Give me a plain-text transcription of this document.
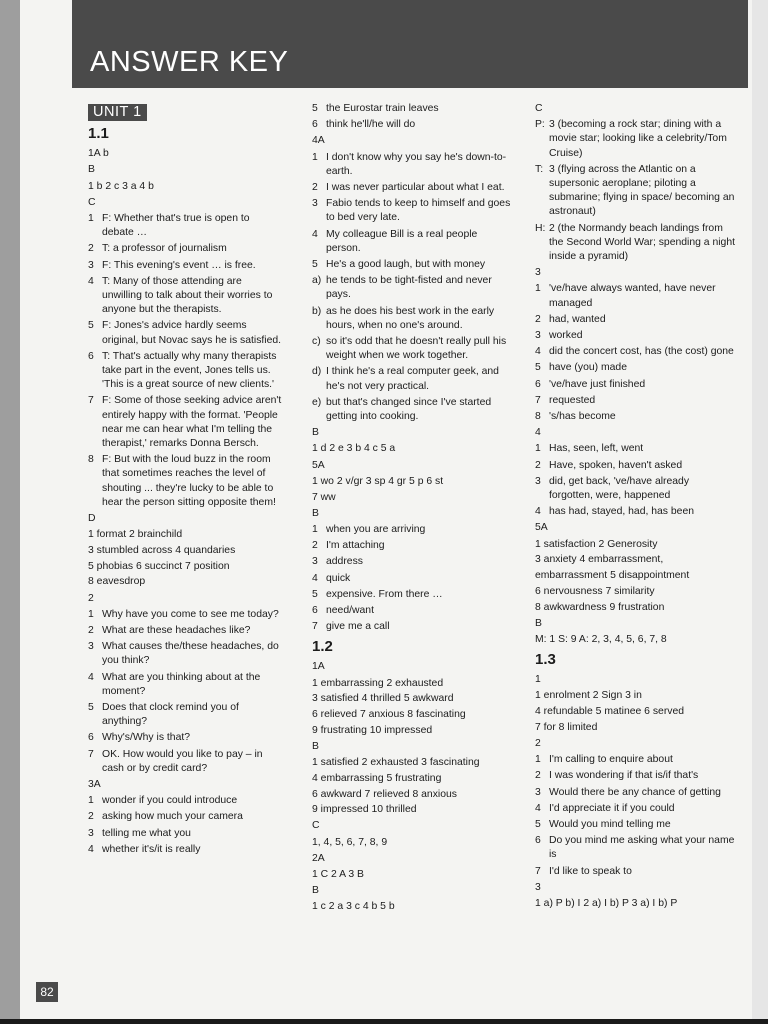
ANSWER KEY
UNIT 1
1.1
1A b
B
1 b 2 c 3 a 4 b
C
1 F: Whether that's true is open to debate …
2 T: a professor of journalism
3 F: This evening's event … is free.
4 T: Many of those attending are unwilling to talk about their worries to anyone but the therapists.
5 F: Jones's advice hardly seems original, but Novac says he is satisfied.
6 T: That's actually why many therapists take part in the event, Jones tells us. 'This is a great source of new clients.'
7 F: Some of those seeking advice aren't entirely happy with the format. 'People near me can hear what I'm telling the therapist,' remarks Donna Bersch.
8 F: But with the loud buzz in the room that sometimes reaches the level of shouting ... they're lucky to be able to hear the person sitting opposite them!
D
1 format 2 brainchild
3 stumbled across 4 quandaries
5 phobias 6 succinct 7 position
8 eavesdrop
2
1 Why have you come to see me today?
2 What are these headaches like?
3 What causes the/these headaches, do you think?
4 What are you thinking about at the moment?
5 Does that clock remind you of anything?
6 Why's/Why is that?
7 OK. How would you like to pay – in cash or by credit card?
3A
1 wonder if you could introduce
2 asking how much your camera
3 telling me what you
4 whether it's/it is really
5 the Eurostar train leaves
6 think he'll/he will do
4A
1 I don't know why you say he's down-to-earth.
2 I was never particular about what I eat.
3 Fabio tends to keep to himself and goes to bed very late.
4 My colleague Bill is a real people person.
5 He's a good laugh, but with money
a) he tends to be tight-fisted and never pays.
b) as he does his best work in the early hours, when no one's around.
c) so it's odd that he doesn't really pull his weight when we work together.
d) I think he's a real computer geek, and he's not very practical.
e) but that's changed since I've started getting into cooking.
B
1 d 2 e 3 b 4 c 5 a
5A
1 wo 2 v/gr 3 sp 4 gr 5 p 6 st
7 ww
B
1 when you are arriving
2 I'm attaching
3 address
4 quick
5 expensive. From there …
6 need/want
7 give me a call
1.2
1A
1 embarrassing 2 exhausted
3 satisfied 4 thrilled 5 awkward
6 relieved 7 anxious 8 fascinating
9 frustrating 10 impressed
B
1 satisfied 2 exhausted 3 fascinating
4 embarrassing 5 frustrating
6 awkward 7 relieved 8 anxious
9 impressed 10 thrilled
C
1, 4, 5, 6, 7, 8, 9
2A
1 C 2 A 3 B
B
1 c 2 a 3 c 4 b 5 b
C
P: 3 (becoming a rock star; dining with a movie star; looking like a celebrity/Tom Cruise)
T: 3 (flying across the Atlantic on a supersonic aeroplane; piloting a submarine; flying in space/ becoming an astronaut)
H: 2 (the Normandy beach landings from the Second World War; spending a night inside a pyramid)
3
1 've/have always wanted, have never managed
2 had, wanted
3 worked
4 did the concert cost, has (the cost) gone
5 have (you) made
6 've/have just finished
7 requested
8 's/has become
4
1 Has, seen, left, went
2 Have, spoken, haven't asked
3 did, get back, 've/have already forgotten, were, happened
4 has had, stayed, had, has been
5A
1 satisfaction 2 Generosity
3 anxiety 4 embarrassment,
embarrassment 5 disappointment
6 nervousness 7 similarity
8 awkwardness 9 frustration
B
M: 1 S: 9 A: 2, 3, 4, 5, 6, 7, 8
1.3
1
1 enrolment 2 Sign 3 in
4 refundable 5 matinee 6 served
7 for 8 limited
2
1 I'm calling to enquire about
2 I was wondering if that is/if that's
3 Would there be any chance of getting
4 I'd appreciate it if you could
5 Would you mind telling me
6 Do you mind me asking what your name is
7 I'd like to speak to
3
1 a) P b) I 2 a) I b) P 3 a) I b) P
82
